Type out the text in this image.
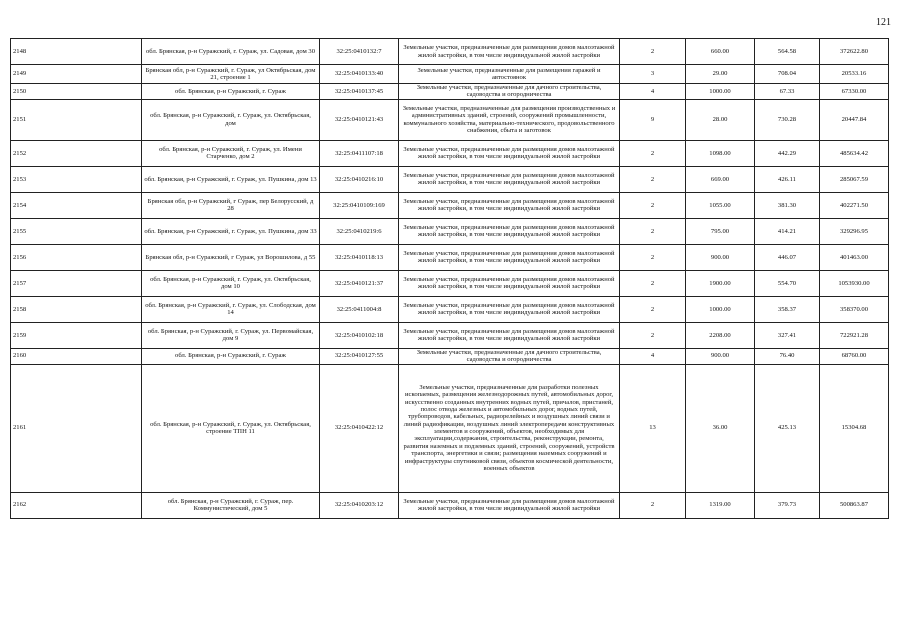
121
2148	обл. Брянская, р-н Суражский, г. Сураж, ул. Садовая, дом 30	32:25:0410132:7	Земельные участки, предназначенные для размещения домов малоэтажной жилой застройки, в том числе индивидуальной жилой застройки	2	660.00	564.58	372622.80
2149	Брянская обл, р-н Суражский, г. Сураж, ул Октябрьская, дом 21, строение 1	32:25:0410133:40	Земельные участки, предназначенные для размещения гаражей и автостоянок	3	29.00	708.04	20533.16
2150	обл. Брянская, р-н Суражский, г. Сураж	32:25:0410137:45	Земельные участки, предназначенные для дачного строительства, садоводства и огородничества	4	1000.00	67.33	67330.00
2151	обл. Брянская, р-н Суражский, г. Сураж, ул. Октябрьская, дом	32:25:0410121:43	Земельные участки, предназначенные для размещения производственных и административных зданий, строений, сооружений промышленности, коммунального хозяйства, материально-технического, продовольственного снабжения, сбыта и заготовок	9	28.00	730.28	20447.84
2152	обл. Брянская, р-н Суражский, г. Сураж, ул. Имени Старченко, дом 2	32:25:0411107:18	Земельные участки, предназначенные для размещения домов малоэтажной жилой застройки, в том числе индивидуальной жилой застройки	2	1098.00	442.29	485634.42
2153	обл. Брянская, р-н Суражский, г. Сураж, ул. Пушкина, дом 13	32:25:0410216:10	Земельные участки, предназначенные для размещения домов малоэтажной жилой застройки, в том числе индивидуальной жилой застройки	2	669.00	426.11	285067.59
2154	Брянская обл, р-н Суражский, г Сураж, пер Белорусский, д 28	32:25:0410109:169	Земельные участки, предназначенные для размещения домов малоэтажной жилой застройки, в том числе индивидуальной жилой застройки	2	1055.00	381.30	402271.50
2155	обл. Брянская, р-н Суражский, г. Сураж, ул. Пушкина, дом 33	32:25:0410219:6	Земельные участки, предназначенные для размещения домов малоэтажной жилой застройки, в том числе индивидуальной жилой застройки	2	795.00	414.21	329296.95
2156	Брянская обл, р-н Суражский, г Сураж, ул Ворошилова, д 55	32:25:0410118:13	Земельные участки, предназначенные для размещения домов малоэтажной жилой застройки, в том числе индивидуальной жилой застройки	2	900.00	446.07	401463.00
2157	обл. Брянская, р-н Суражский, г. Сураж, ул. Октябрьская, дом 10	32:25:0410121:37	Земельные участки, предназначенные для размещения домов малоэтажной жилой застройки, в том числе индивидуальной жилой застройки	2	1900.00	554.70	1053930.00
2158	обл. Брянская, р-н Суражский, г. Сураж, ул. Слободская, дом 14	32:25:0411004:8	Земельные участки, предназначенные для размещения домов малоэтажной жилой застройки, в том числе индивидуальной жилой застройки	2	1000.00	358.37	358370.00
2159	обл. Брянская, р-н Суражский, г. Сураж, ул. Первомайская, дом 9	32:25:0410102:18	Земельные участки, предназначенные для размещения домов малоэтажной жилой застройки, в том числе индивидуальной жилой застройки	2	2208.00	327.41	722921.28
2160	обл. Брянская, р-н Суражский, г. Сураж	32:25:0410127:55	Земельные участки, предназначенные для дачного строительства, садоводства и огородничества	4	900.00	76.40	68760.00
2161	обл. Брянская, р-н Суражский, г. Сураж, ул. Октябрьская, строение ТПН 11	32:25:0410422:12	Земельные участки, предназначенные для разработки полезных ископаемых, размещения железнодорожных путей, автомобильных дорог, искусственно созданных внутренних водных путей, причалов, пристаней, полос отвода железных и автомобильных дорог, водных путей, трубопроводов, кабельных, радиорелейных и воздушных линий связи и линий радиофикации, воздушных линий электропередачи конструктивных элементов и сооружений, объектов, необходимых для эксплуатации,содержания, строительства, реконструкции, ремонта, развития наземных и подземных зданий, строений, сооружений, устройств транспорта, энергетики и связи; размещения наземных сооружений и инфраструктуры спутниковой связи, объектов космической деятельности, военных объектов	13	36.00	425.13	15304.68
2162	обл. Брянская, р-н Суражский, г. Сураж, пер. Коммунистический, дом 5	32:25:0410203:12	Земельные участки, предназначенные для размещения домов малоэтажной жилой застройки, в том числе индивидуальной жилой застройки	2	1319.00	379.73	500863.87
